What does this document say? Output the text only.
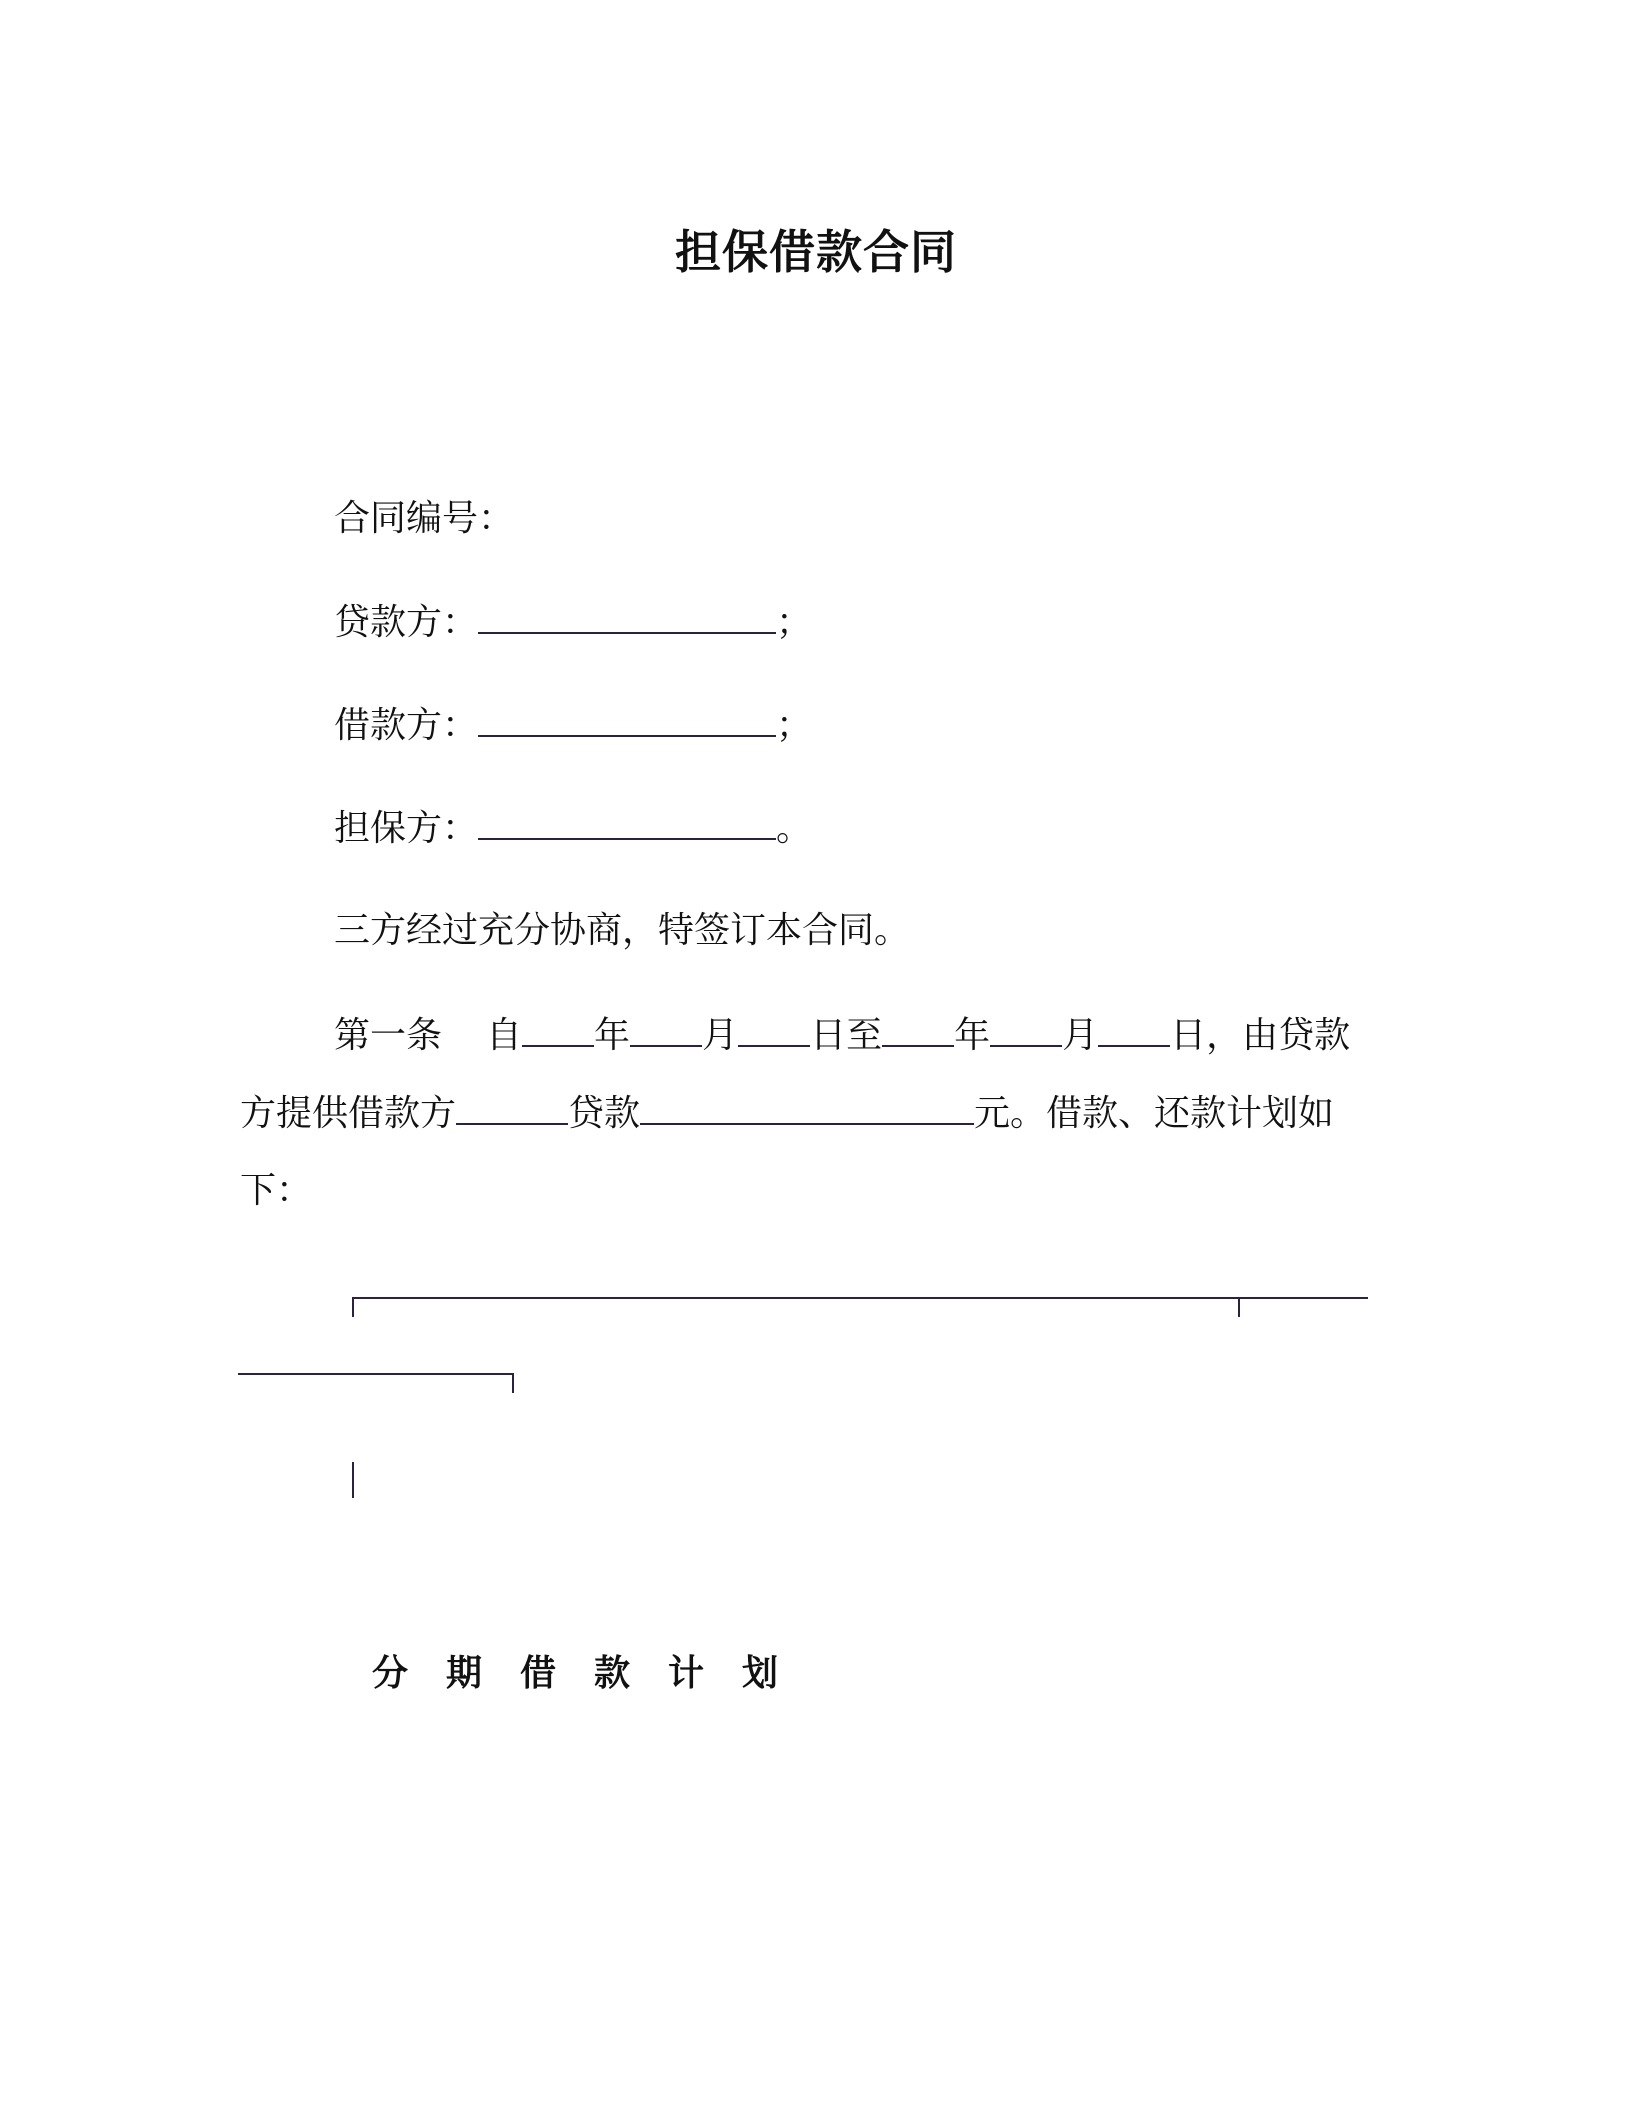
担保借款合同
合同编号：
贷款方：	；
借款方：	；
担保方：	。
三方经过充分协商，特签订本合同。
第一条 自 年 月 日至 年 月 日，由贷款
方提供借款方	贷款	元。借款、还款计划如
下：
分期借款计划
